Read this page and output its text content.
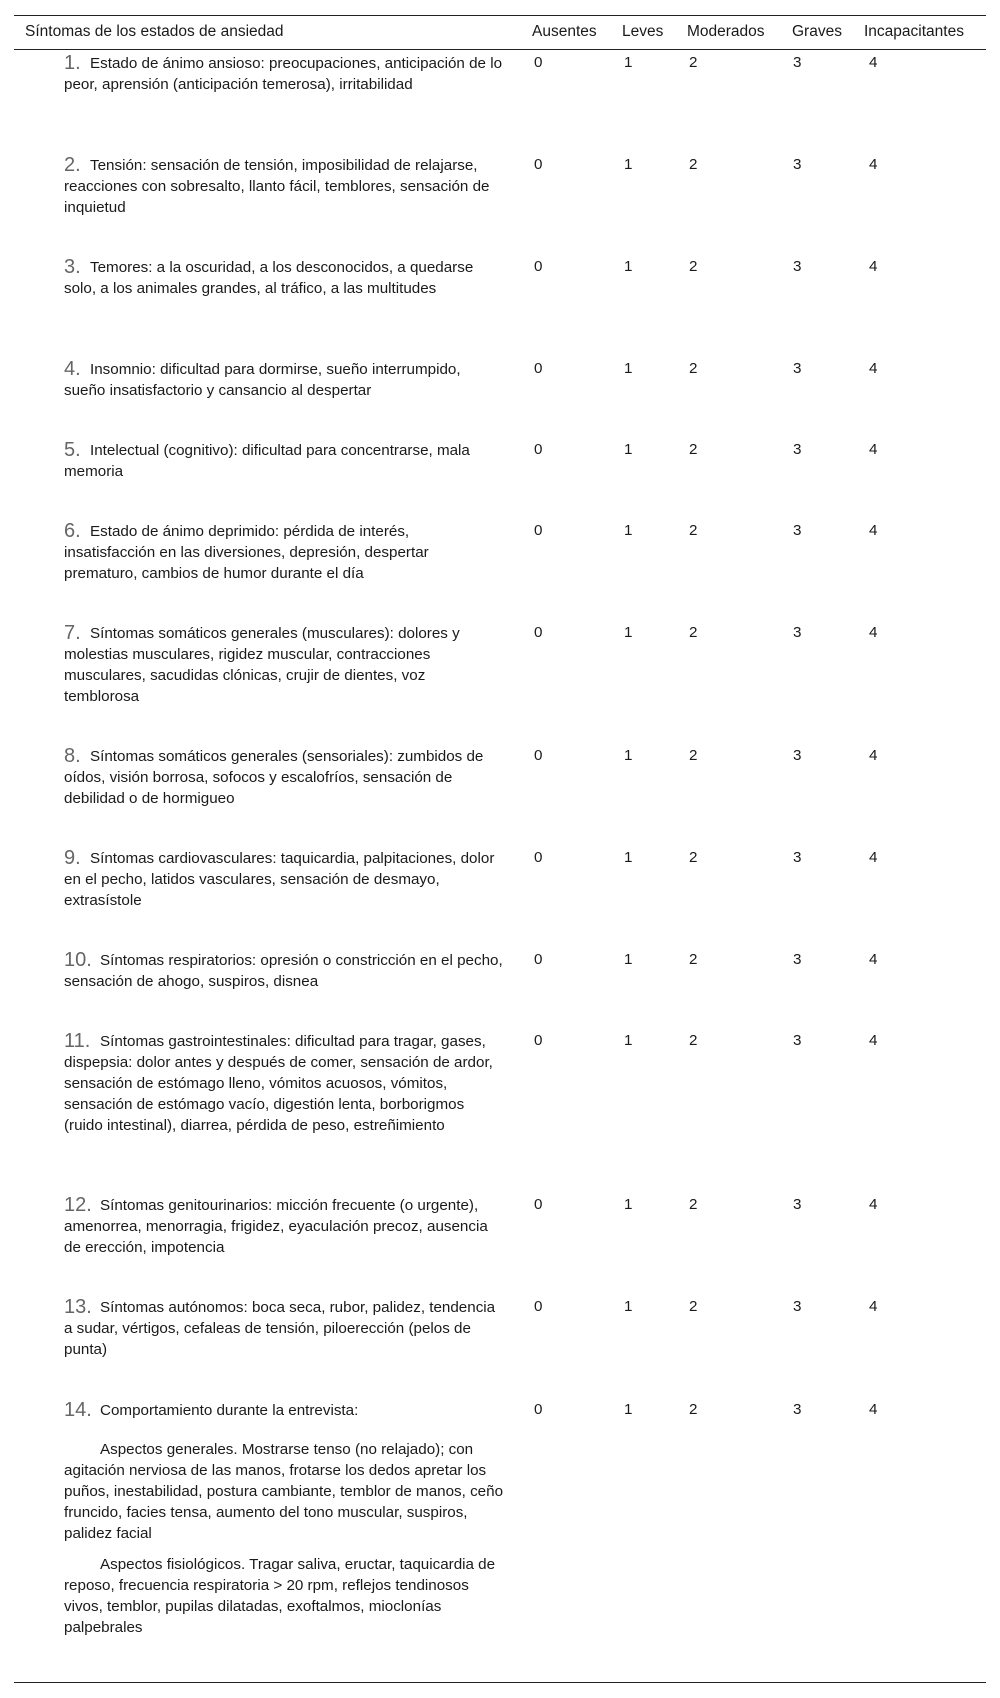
Síntomas de los estados de ansiedad	Ausentes Leves Moderados Graves Incapacitantes

1. Estado de ánimo ansioso: preocupaciones, anticipación de lo peor, aprensión (anticipación temerosa), irritabilidad

0	1	2	3	4

2. Tensión: sensación de tensión, imposibilidad de relajarse, reacciones con sobresalto, llanto fácil, temblores, sensación de inquietud

0	1	2	3	4

3. Temores: a la oscuridad, a los desconocidos, a quedarse solo, a los animales grandes, al tráfico, a las multitudes

0	1	2	3	4

4. Insomnio: dificultad para dormirse, sueño interrumpido, sueño insatisfactorio y cansancio al despertar

0	1	2	3	4

5. Intelectual (cognitivo): dificultad para concentrarse, mala memoria

0	1	2	3	4

6. Estado de ánimo deprimido: pérdida de interés, insatisfacción en las diversiones, depresión, despertar prematuro, cambios de humor durante el día

0	1	2	3	4

7. Síntomas somáticos generales (musculares): dolores y molestias musculares, rigidez muscular, contracciones musculares, sacudidas clónicas, crujir de dientes, voz temblorosa

0	1	2	3	4

8. Síntomas somáticos generales (sensoriales): zumbidos de oídos, visión borrosa, sofocos y escalofríos, sensación de debilidad o de hormigueo

0	1	2	3	4

9. Síntomas cardiovasculares: taquicardia, palpitaciones, dolor en el pecho, latidos vasculares, sensación de desmayo, extrasístole

0	1	2	3	4

10. Síntomas respiratorios: opresión o constricción en el pecho, sensación de ahogo, suspiros, disnea

0	1	2	3	4

11. Síntomas gastrointestinales: dificultad para tragar, gases, dispepsia: dolor antes y después de comer, sensación de ardor, sensación de estómago lleno, vómitos acuosos, vómitos, sensación de estómago vacío, digestión lenta, borborigmos (ruido intestinal), diarrea, pérdida de peso, estreñimiento

0	1	2	3	4

12. Síntomas genitourinarios: micción frecuente (o urgente), amenorrea, menorragia, frigidez, eyaculación precoz, ausencia de erección, impotencia

0	1	2	3	4

13. Síntomas autónomos: boca seca, rubor, palidez, tendencia a sudar, vértigos, cefaleas de tensión, piloerección (pelos de punta)

0	1	2	3	4

14. Comportamiento durante la entrevista:

Aspectos generales. Mostrarse tenso (no relajado); con agitación nerviosa de las manos, frotarse los dedos apretar los puños, inestabilidad, postura cambiante, temblor de manos, ceño fruncido, facies tensa, aumento del tono muscular, suspiros, palidez facial

Aspectos fisiológicos. Tragar saliva, eructar, taquicardia de reposo, frecuencia respiratoria > 20 rpm, reflejos tendinosos vivos, temblor, pupilas dilatadas, exoftalmos, mioclonías palpebrales

0	1	2	3	4
